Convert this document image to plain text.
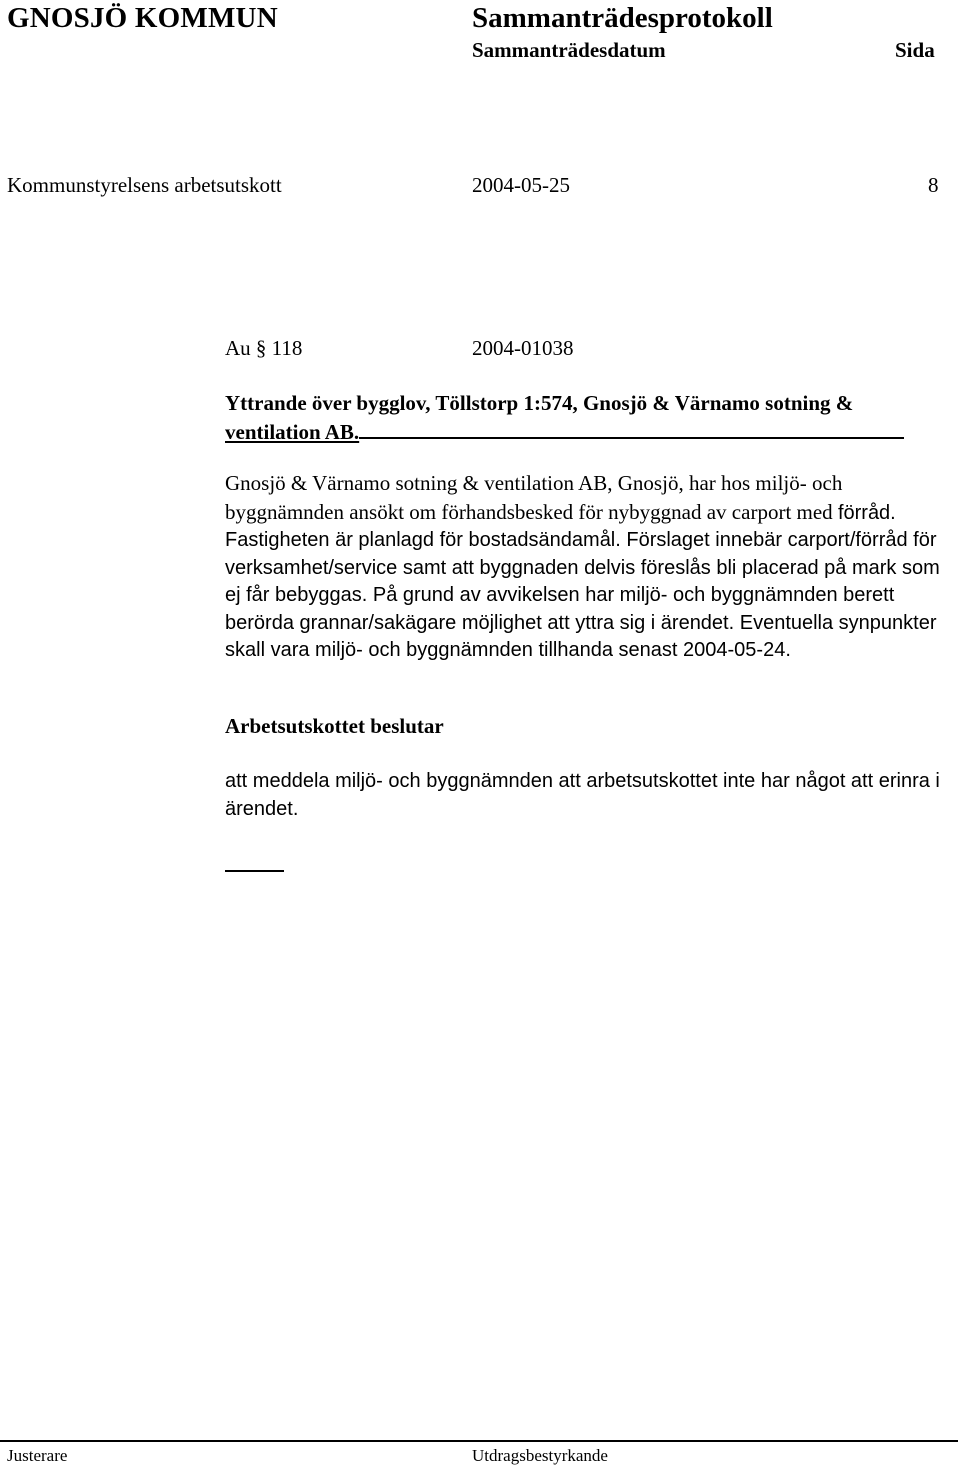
GNOSJÖ KOMMUN	Sammanträdesprotokoll
Sammanträdesdatum	Sida
Kommunstyrelsens arbetsutskott	2004-05-25	8
Au § 118	2004-01038
Yttrande över bygglov, Töllstorp 1:574, Gnosjö & Värnamo sotning &
ventilation AB.
Gnosjö & Värnamo sotning & ventilation AB, Gnosjö, har hos miljö- och byggnämnden ansökt om förhandsbesked för nybyggnad av carport med förråd. Fastigheten är planlagd för bostadsändamål. Förslaget innebär carport/förråd för verksamhet/service samt att byggnaden delvis föreslås bli placerad på mark som ej får bebyggas. På grund av avvikelsen har miljö- och byggnämnden berett berörda grannar/sakägare möjlighet att yttra sig i ärendet. Eventuella synpunkter skall vara miljö- och byggnämnden tillhanda senast 2004-05-24.
Arbetsutskottet beslutar
att meddela miljö- och byggnämnden att arbetsutskottet inte har något att erinra i ärendet.
Justerare	Utdragsbestyrkande
